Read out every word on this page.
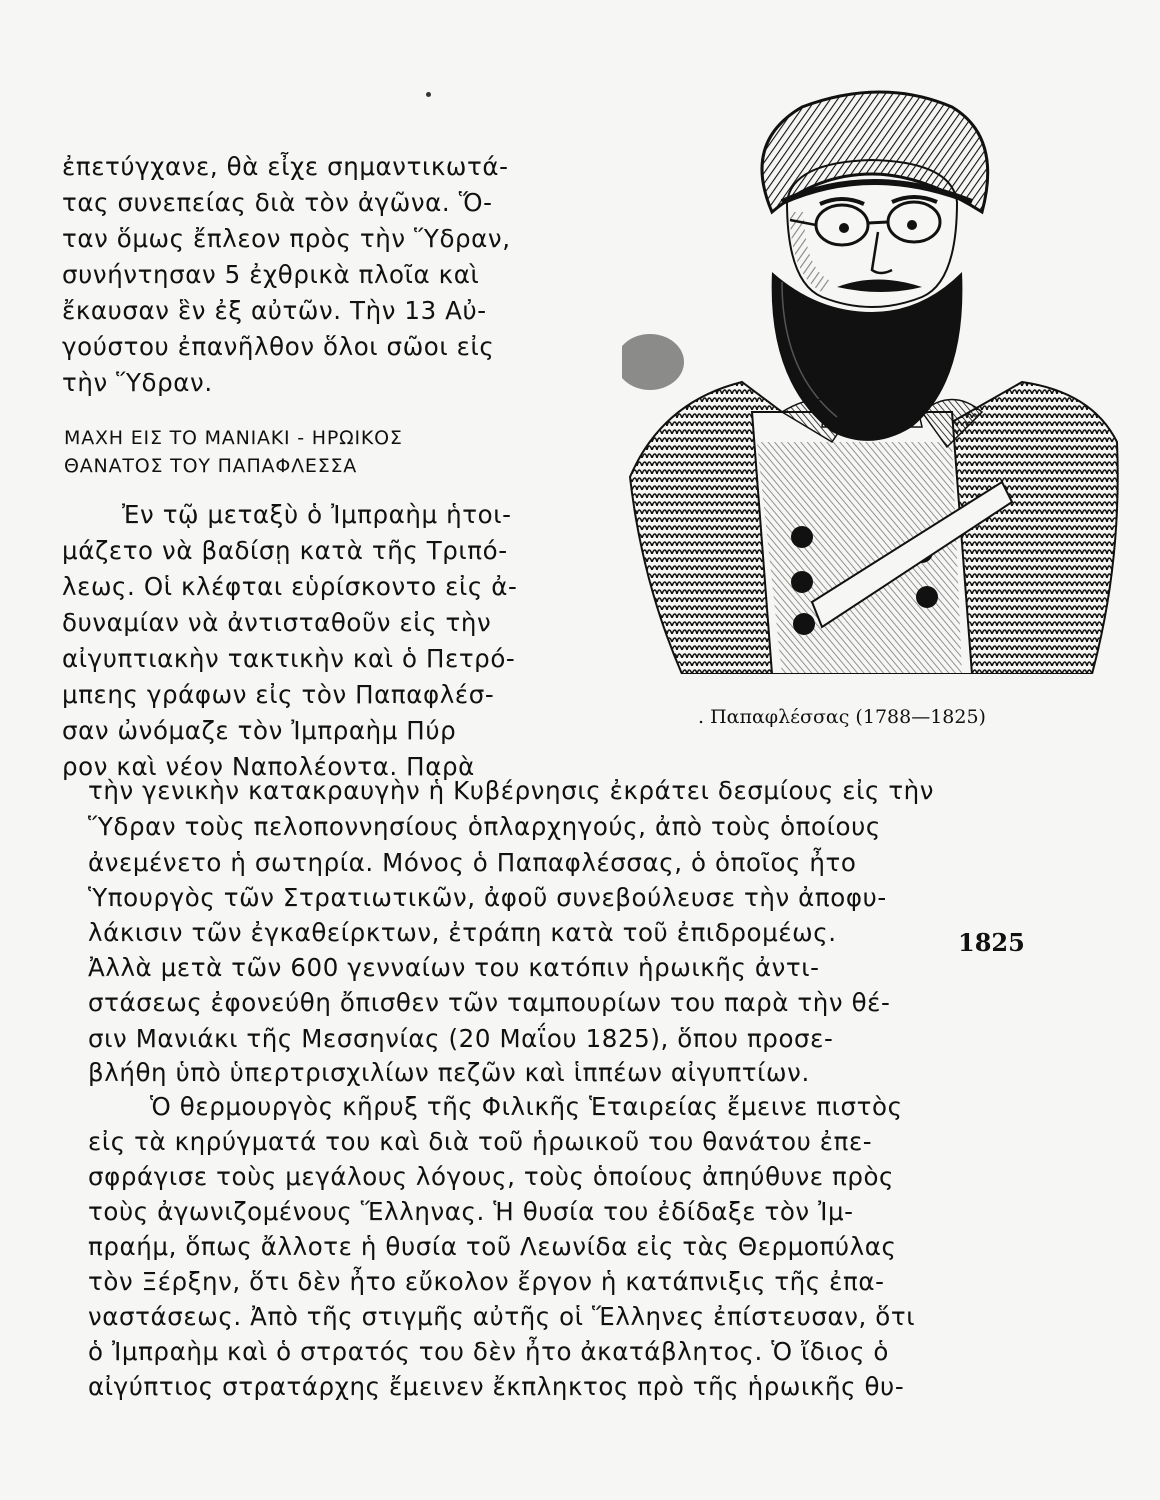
ἐπετύγχανε, θὰ εἶχε σημαντικωτά-
τας συνεπείας διὰ τὸν ἀγῶνα. Ὅ-
ταν ὅμως ἔπλεον πρὸς τὴν Ὕδραν,
συνήντησαν 5 ἐχθρικὰ πλοῖα καὶ
ἔκαυσαν ἓν ἐξ αὐτῶν. Τὴν 13 Αὐ-
γούστου ἐπανῆλθον ὅλοι σῶοι εἰς
τὴν Ὕδραν.
ΜΑΧΗ ΕΙΣ ΤΟ ΜΑΝΙΑΚΙ - ΗΡΩΙΚΟΣ
ΘΑΝΑΤΟΣ ΤΟΥ ΠΑΠΑΦΛΕΣΣΑ
Ἐν τῷ μεταξὺ ὁ Ἰμπραὴμ ἡτοι-
μάζετο νὰ βαδίσῃ κατὰ τῆς Τριπό-
λεως. Οἱ κλέφται εὑρίσκοντο εἰς ἀ-
δυναμίαν νὰ ἀντισταθοῦν εἰς τὴν
αἰγυπτιακὴν τακτικὴν καὶ ὁ Πετρό-
μπεης γράφων εἰς τὸν Παπαφλέσ-
σαν ὠνόμαζε τὸν Ἰμπραὴμ Πύρ
ρον καὶ νέον Ναπολέοντα. Παρὰ
. Παπαφλέσσας (1788—1825)
τὴν γενικὴν κατακραυγὴν ἡ Κυβέρνησις ἐκράτει δεσμίους εἰς τὴν
Ὕδραν τοὺς πελοποννησίους ὁπλαρχηγούς, ἀπὸ τοὺς ὁποίους
ἀνεμένετο ἡ σωτηρία. Μόνος ὁ Παπαφλέσσας, ὁ ὁποῖος ἦτο
Ὑπουργὸς τῶν Στρατιωτικῶν, ἀφοῦ συνεβούλευσε τὴν ἀποφυ-
λάκισιν τῶν ἐγκαθείρκτων, ἐτράπη κατὰ τοῦ ἐπιδρομέως.
Ἀλλὰ μετὰ τῶν 600 γενναίων του κατόπιν ἡρωικῆς ἀντι-
στάσεως ἐφονεύθη ὄπισθεν τῶν ταμπουρίων του παρὰ τὴν θέ-
σιν Μανιάκι τῆς Μεσσηνίας (20 Μαΐου 1825), ὅπου προσε-
βλήθη ὑπὸ ὑπερτρισχιλίων πεζῶν καὶ ἱππέων αἰγυπτίων.
1825
Ὁ θερμουργὸς κῆρυξ τῆς Φιλικῆς Ἑταιρείας ἔμεινε πιστὸς
εἰς τὰ κηρύγματά του καὶ διὰ τοῦ ἡρωικοῦ του θανάτου ἐπε-
σφράγισε τοὺς μεγάλους λόγους, τοὺς ὁποίους ἀπηύθυνε πρὸς
τοὺς ἀγωνιζομένους Ἕλληνας. Ἡ θυσία του ἐδίδαξε τὸν Ἰμ-
πραήμ, ὅπως ἄλλοτε ἡ θυσία τοῦ Λεωνίδα εἰς τὰς Θερμοπύλας
τὸν Ξέρξην, ὅτι δὲν ἦτο εὔκολον ἔργον ἡ κατάπνιξις τῆς ἐπα-
ναστάσεως. Ἀπὸ τῆς στιγμῆς αὐτῆς οἱ Ἕλληνες ἐπίστευσαν, ὅτι
ὁ Ἰμπραὴμ καὶ ὁ στρατός του δὲν ἦτο ἀκατάβλητος. Ὁ ἴδιος ὁ
αἰγύπτιος στρατάρχης ἔμεινεν ἔκπληκτος πρὸ τῆς ἡρωικῆς θυ-
